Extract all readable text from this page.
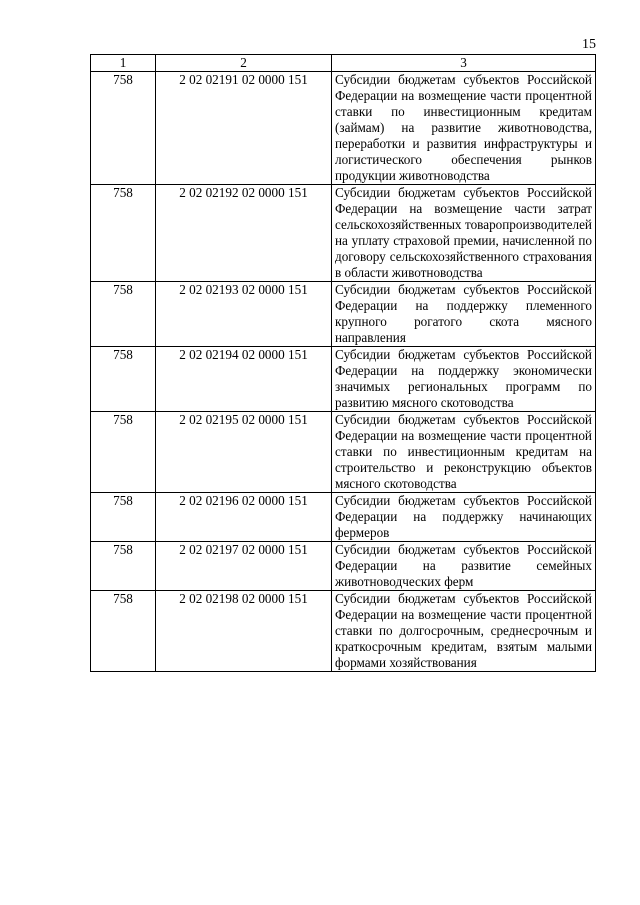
15
1	2	3
758	2 02 02191 02 0000 151	Субсидии бюджетам субъектов Российской Федерации на возмещение части процентной ставки по инвестиционным кредитам (займам) на развитие животноводства, переработки и развития инфраструктуры и логистического обеспечения рынков продукции животноводства
758	2 02 02192 02 0000 151	Субсидии бюджетам субъектов Российской Федерации на возмещение части затрат сельскохозяйственных товаропроизводителей на уплату страховой премии, начисленной по договору сельскохозяйственного страхования в области животноводства
758	2 02 02193 02 0000 151	Субсидии бюджетам субъектов Российской Федерации на поддержку племенного крупного рогатого скота мясного направления
758	2 02 02194 02 0000 151	Субсидии бюджетам субъектов Российской Федерации на поддержку экономически значимых региональных программ по развитию мясного скотоводства
758	2 02 02195 02 0000 151	Субсидии бюджетам субъектов Российской Федерации на возмещение части процентной ставки по инвестиционным кредитам на строительство и реконструкцию объектов мясного скотоводства
758	2 02 02196 02 0000 151	Субсидии бюджетам субъектов Российской Федерации на поддержку начинающих фермеров
758	2 02 02197 02 0000 151	Субсидии бюджетам субъектов Российской Федерации на развитие семейных животноводческих ферм
758	2 02 02198 02 0000 151	Субсидии бюджетам субъектов Российской Федерации на возмещение части процентной ставки по долгосрочным, среднесрочным и краткосрочным кредитам, взятым малыми формами хозяйствования
